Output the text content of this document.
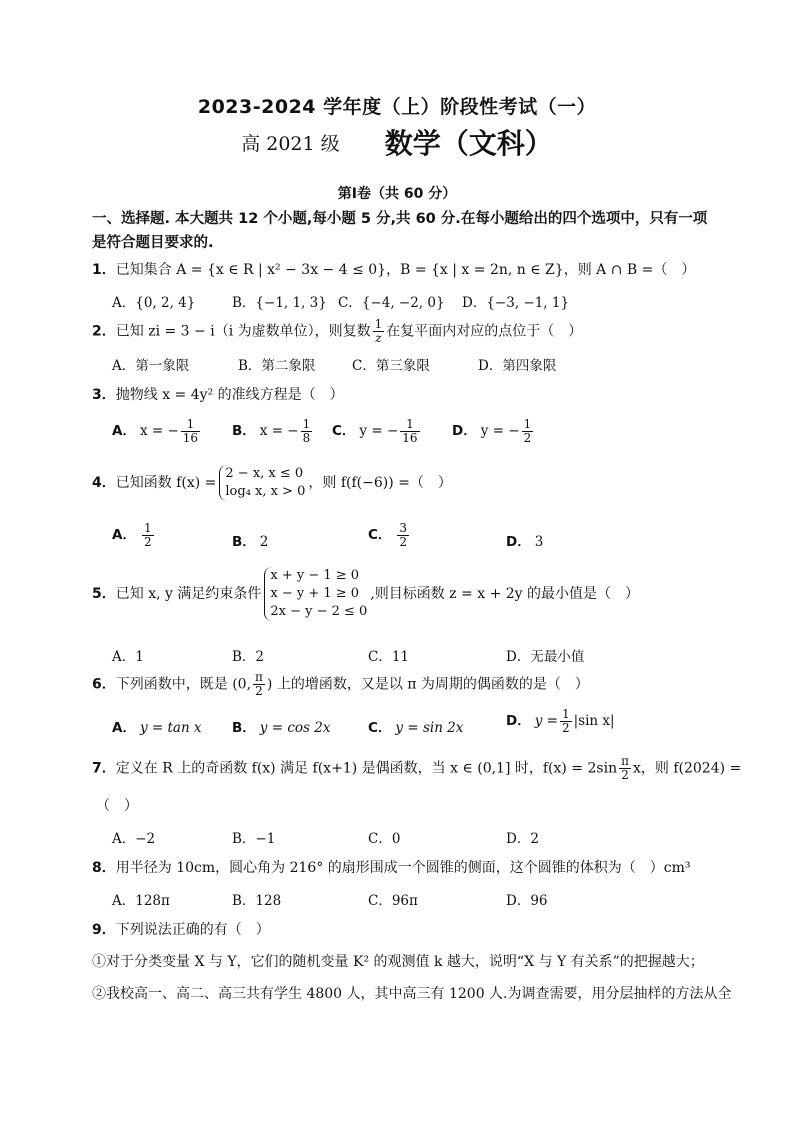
2023-2024 学年度（上）阶段性考试（一）
高 2021 级 数学（文科）
第Ⅰ卷（共 60 分）
一、选择题. 本大题共 12 个小题,每小题 5 分,共 60 分.在每小题给出的四个选项中，只有一项是符合题目要求的.
1．已知集合 A = {x ∈ R | x² − 3x − 4 ≤ 0}，B = {x | x = 2n, n ∈ Z}，则 A ∩ B =（　）
A．{0, 2, 4}	B．{−1, 1, 3} C．{−4, −2, 0} D．{−3, −1, 1}
2．已知 zi = 3 − i（i 为虚数单位），则复数 $\frac{1}{z}$ 在复平面内对应的点位于（　）
A．第一象限	B．第二象限	C．第三象限	D．第四象限
3．抛物线 x = 4y² 的准线方程是（　）
A． x = − $\frac{1}{16}$ B． x = − $\frac{1}{8}$ C． y = − $\frac{1}{16}$ D． y = − $\frac{1}{2}$
4．已知函数 f(x) =
2 − x, x ≤ 0
log₄ x, x > 0
，则 f(f(−6)) =（　）
A． $\frac{1}{2}$	B． 2	C． $\frac{3}{2}$	D． 3
5．已知 x, y 满足约束条件
x + y − 1 ≥ 0
x − y + 1 ≥ 0
2x − y − 2 ≤ 0
,则目标函数 z = x + 2y 的最小值是（　）
A．1	B．2	C．11	D．无最小值
6．下列函数中，既是 (0, $\frac{\pi}{2}$ ) 上的增函数，又是以 π 为周期的偶函数的是（　）
A． y = tan x B． y = cos 2x	C． y = sin 2x	D． $y = \frac{1}{2} |\sin$ x|
7．定义在 R 上的奇函数 f(x) 满足 f(x+1) 是偶函数，当 x ∈ (0,1] 时，$f(x) = 2\sin \frac{\pi}{2}$ x，则 f(2024) =
（　）
A．−2	B．−1	C．0	D．2
8．用半径为 10cm，圆心角为 216° 的扇形围成一个圆锥的侧面，这个圆锥的体积为（　）cm³
A．128π	B．128	C．96π	D．96
9．下列说法正确的有（　）
①对于分类变量 X 与 Y，它们的随机变量 K² 的观测值 k 越大，说明“X 与 Y 有关系”的把握越大；
②我校高一、高二、高三共有学生 4800 人，其中高三有 1200 人.为调查需要，用分层抽样的方法从全
